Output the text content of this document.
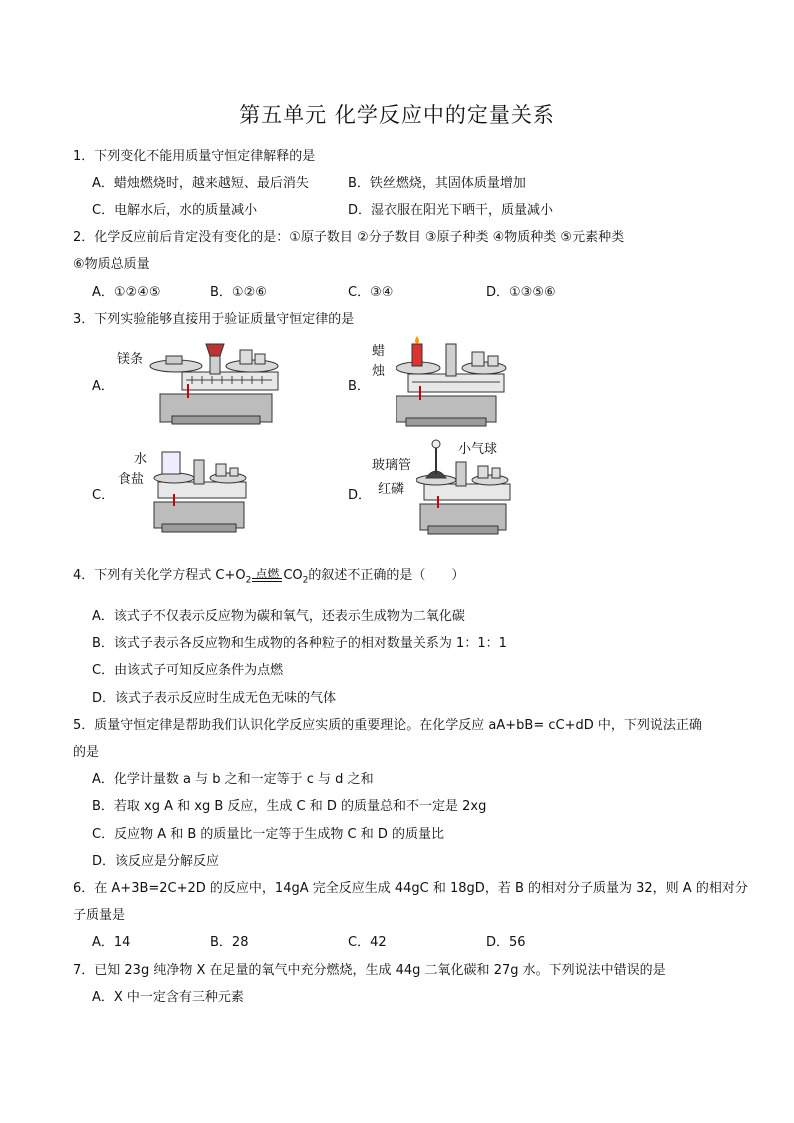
第五单元 化学反应中的定量关系
1．下列变化不能用质量守恒定律解释的是
A．蜡烛燃烧时，越来越短、最后消失	B．铁丝燃烧，其固体质量增加
C．电解水后，水的质量减小	D．湿衣服在阳光下晒干，质量减小
2．化学反应前后肯定没有变化的是：①原子数目 ②分子数目 ③原子种类 ④物质种类 ⑤元素种类
⑥物质总质量
A．①②④⑤	B．①②⑥	C．③④	D．①③⑤⑥
3．下列实验能够直接用于验证质量守恒定律的是
A．	B．
C．	D．
镁条
蜡
烛
水
食盐
小气球
玻璃管
红磷
4．下列有关化学方程式 $C+O_2$ 点燃 $CO_2$的叙述不正确的是（　　）
A．该式子不仅表示反应物为碳和氧气，还表示生成物为二氧化碳
B．该式子表示各反应物和生成物的各种粒子的相对数量关系为 1：1：1
C．由该式子可知反应条件为点燃
D．该式子表示反应时生成无色无味的气体
5．质量守恒定律是帮助我们认识化学反应实质的重要理论。在化学反应 aA+bB= cC+dD 中，下列说法正确
的是
A．化学计量数 a 与 b 之和一定等于 c 与 d 之和
B．若取 xg A 和 xg B 反应，生成 C 和 D 的质量总和不一定是 2xg
C．反应物 A 和 B 的质量比一定等于生成物 C 和 D 的质量比
D．该反应是分解反应
6．在 A+3B=2C+2D 的反应中，14gA 完全反应生成 44gC 和 18gD，若 B 的相对分子质量为 32，则 A 的相对分
子质量是
A．14	B．28	C．42	D．56
7．已知 23g 纯净物 X 在足量的氧气中充分燃烧，生成 44g 二氧化碳和 27g 水。下列说法中错误的是
A．X 中一定含有三种元素
